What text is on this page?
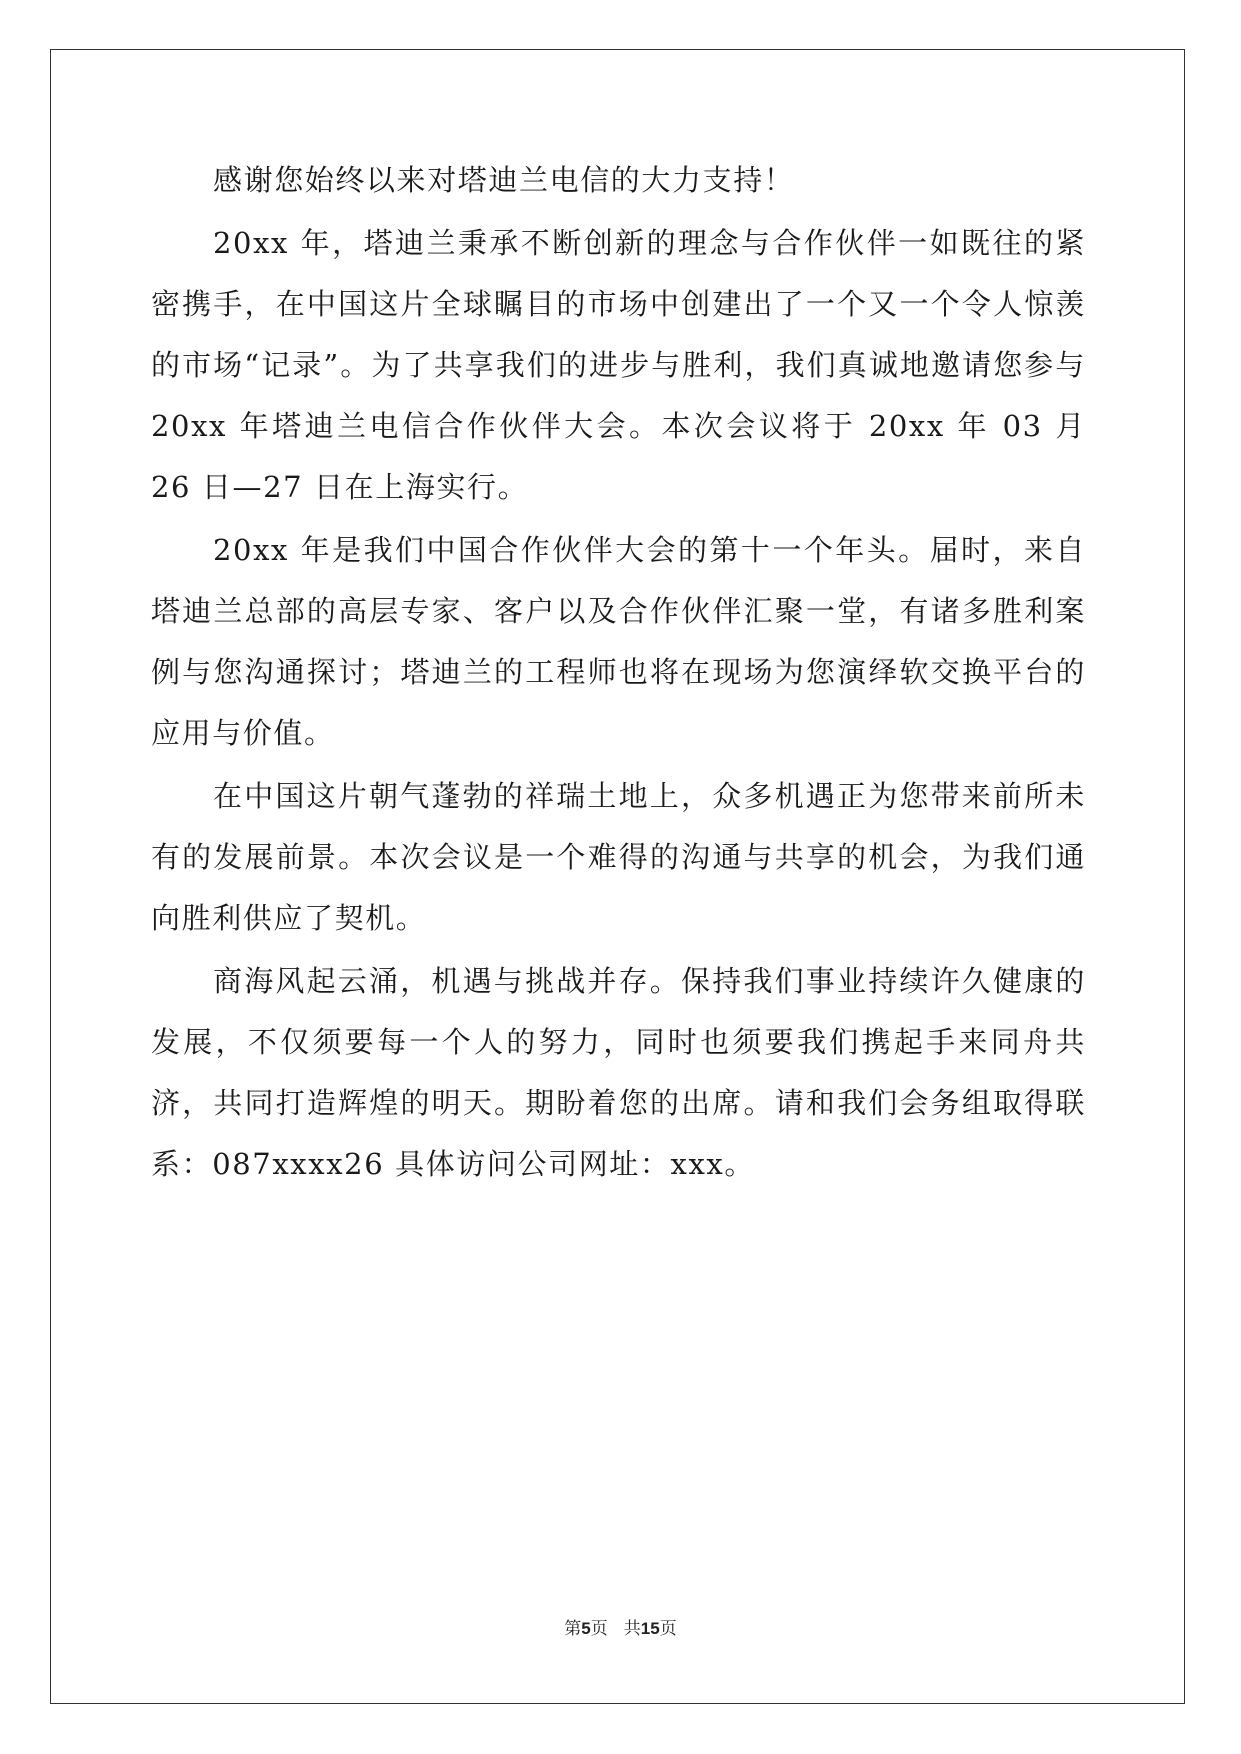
感谢您始终以来对塔迪兰电信的大力支持！

20xx 年，塔迪兰秉承不断创新的理念与合作伙伴一如既往的紧密携手，在中国这片全球瞩目的市场中创建出了一个又一个令人惊羡的市场“记录”。为了共享我们的进步与胜利，我们真诚地邀请您参与 20xx 年塔迪兰电信合作伙伴大会。本次会议将于 20xx 年 03 月 26 日—27 日在上海实行。

20xx 年是我们中国合作伙伴大会的第十一个年头。届时，来自塔迪兰总部的高层专家、客户以及合作伙伴汇聚一堂，有诸多胜利案例与您沟通探讨；塔迪兰的工程师也将在现场为您演绎软交换平台的应用与价值。

在中国这片朝气蓬勃的祥瑞土地上，众多机遇正为您带来前所未有的发展前景。本次会议是一个难得的沟通与共享的机会，为我们通向胜利供应了契机。

商海风起云涌，机遇与挑战并存。保持我们事业持续许久健康的发展，不仅须要每一个人的努力，同时也须要我们携起手来同舟共济，共同打造辉煌的明天。期盼着您的出席。请和我们会务组取得联系：087xxxx26 具体访问公司网址：xxx。

第5页 共15页
